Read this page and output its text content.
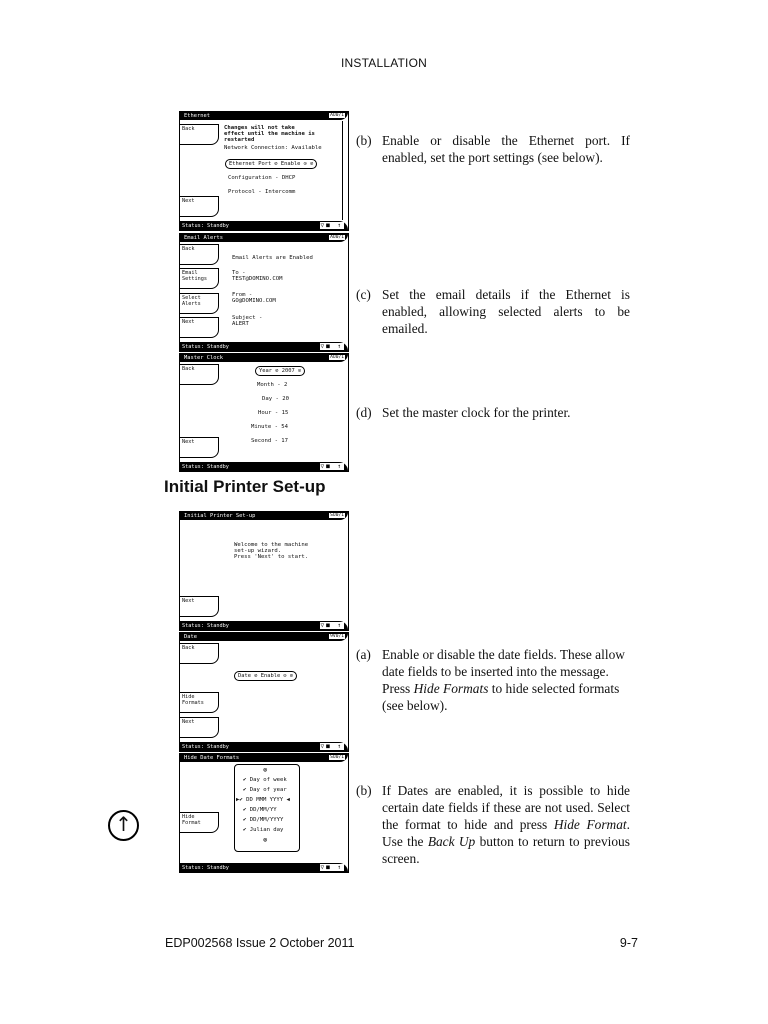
INSTALLATION
Ethernet	AU0/1
Back
Next
Changes will not take
effect until the machine is
restarted
Network Connection: Available
Ethernet Port ⊘ Enable ⊙ ⊘
Configuration - DHCP
Protocol - Intercomm
Status: Standby	▽■ ↑
Email Alerts	AU0/1
Back
Email Settings
Select Alerts
Next
Email Alerts are Enabled
To -
TEST@DOMINO.COM
From -
GO@DOMINO.COM
Subject -
ALERT
Status: Standby	▽■ ↑
Master Clock	AU0/1
Back
Next
Year ⊘ 2007 ⊙
Month - 2
Day - 20
Hour - 15
Minute - 54
Second - 17
Status: Standby	▽■ ↑
Initial Printer Set-up
Initial Printer Set-up	SU0/1
Welcome to the machine
set-up wizard.
Press 'Next' to start.
Next
Status: Standby	▽■ ↑
Date	9V0/1
Back
Hide Formats
Next
Date ⊘ Enable ⊙ ⊘
Status: Standby	▽■ ↑
Hide Date Formats	SU0/1
⊗
✔ Day of week
✔ Day of year
▶✔ DD MMM YYYY ◀
✔ DD/MM/YY
✔ DD/MM/YYYY
✔ Julian day
⊗
Hide Format
Status: Standby	▽■ ↑
↑
(b) Enable or disable the Ethernet port. If enabled, set the port settings (see below).
(c) Set the email details if the Ethernet is enabled, allowing selected alerts to be emailed.
(d) Set the master clock for the printer.
(a) Enable or disable the date fields. These allow date fields to be inserted into the message. Press Hide Formats to hide selected formats (see below).
(b) If Dates are enabled, it is possible to hide certain date fields if these are not used. Select the format to hide and press Hide Format. Use the Back Up button to return to previous screen.
EDP002568 Issue 2 October 2011	9-7
